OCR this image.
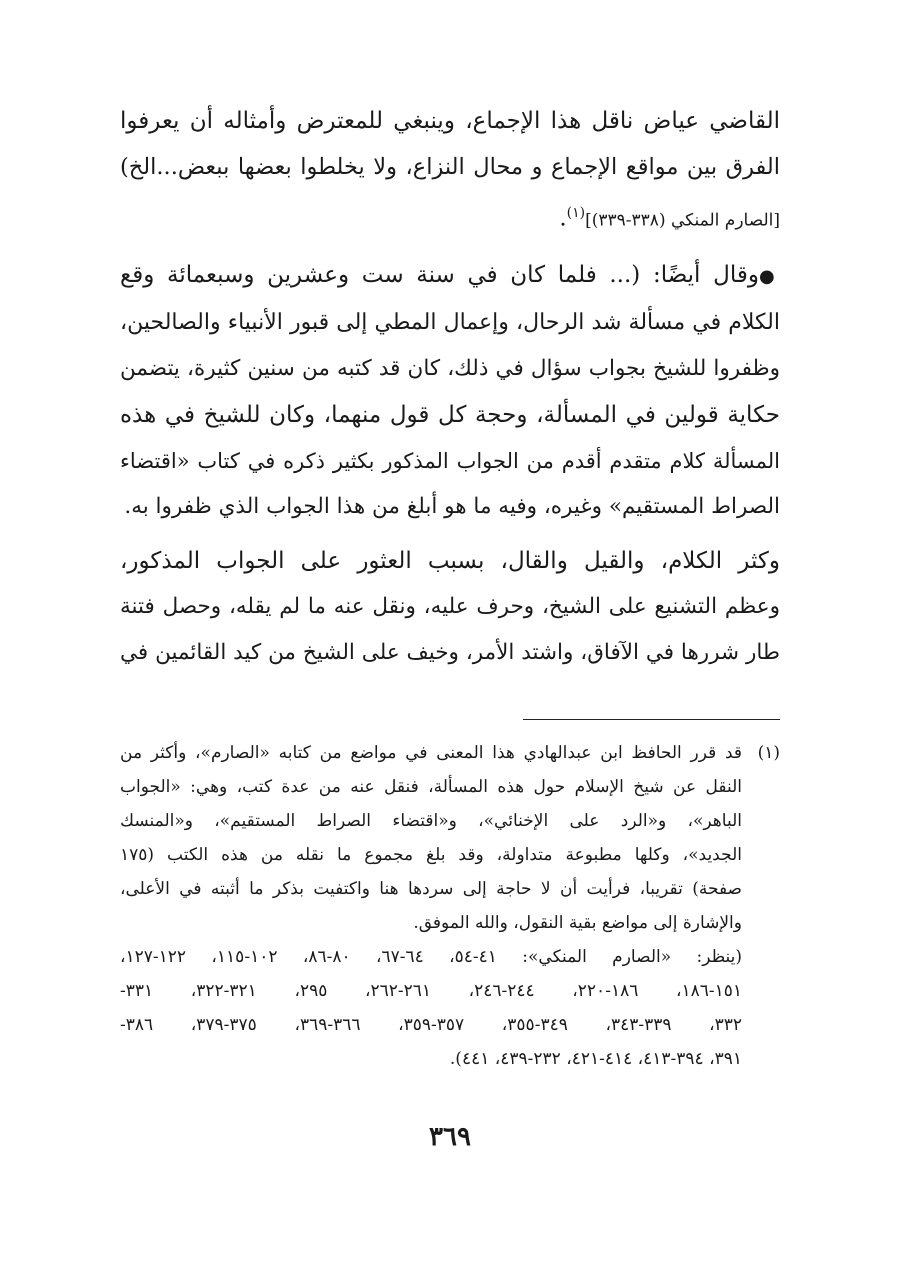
القاضي عياض ناقل هذا الإجماع، وينبغي للمعترض وأمثاله أن يعرفوا
الفرق بين مواقع الإجماع و محال النزاع، ولا يخلطوا بعضها ببعض...الخ)
[الصارم المنكي (٣٣٨-٣٣٩)]$^{(١)}$.

●وقال أيضًا: (... فلما كان في سنة ست وعشرين وسبعمائة وقع
الكلام في مسألة شد الرحال، وإعمال المطي إلى قبور الأنبياء والصالحين،
وظفروا للشيخ بجواب سؤال في ذلك، كان قد كتبه من سنين كثيرة، يتضمن
حكاية قولين في المسألة، وحجة كل قول منهما، وكان للشيخ في هذه
المسألة كلام متقدم أقدم من الجواب المذكور بكثير ذكره في كتاب «اقتضاء
الصراط المستقيم» وغيره، وفيه ما هو أبلغ من هذا الجواب الذي ظفروا به.

وكثر الكلام، والقيل والقال، بسبب العثور على الجواب المذكور،
وعظم التشنيع على الشيخ، وحرف عليه، ونقل عنه ما لم يقله، وحصل فتنة
طار شررها في الآفاق، واشتد الأمر، وخيف على الشيخ من كيد القائمين في

(١)
قد قرر الحافظ ابن عبدالهادي هذا المعنى في مواضع من كتابه «الصارم»، وأكثر من
النقل عن شيخ الإسلام حول هذه المسألة، فنقل عنه من عدة كتب، وهي: «الجواب
الباهر»، و«الرد على الإخنائي»، و«اقتضاء الصراط المستقيم»، و«المنسك
الجديد»، وكلها مطبوعة متداولة، وقد بلغ مجموع ما نقله من هذه الكتب (١٧٥
صفحة) تقريبا، فرأيت أن لا حاجة إلى سردها هنا واكتفيت بذكر ما أثبته في الأعلى،
والإشارة إلى مواضع بقية النقول، والله الموفق.
(ينظر: «الصارم المنكي»: ٤١-٥٤، ٦٤-٦٧، ٨٠-٨٦، ١٠٢-١١٥، ١٢٢-١٢٧،
١٥١-١٨٦، ١٨٦-٢٢٠، ٢٤٤-٢٤٦، ٢٦١-٢٦٢، ٢٩٥، ٣٢١-٣٢٢، ٣٣١-
٣٣٢، ٣٣٩-٣٤٣، ٣٤٩-٣٥٥، ٣٥٧-٣٥٩، ٣٦٦-٣٦٩، ٣٧٥-٣٧٩، ٣٨٦-
٣٩١، ٣٩٤-٤١٣، ٤١٤-٤٢١، ٢٣٢-٤٣٩، ٤٤١).
٣٦٩
